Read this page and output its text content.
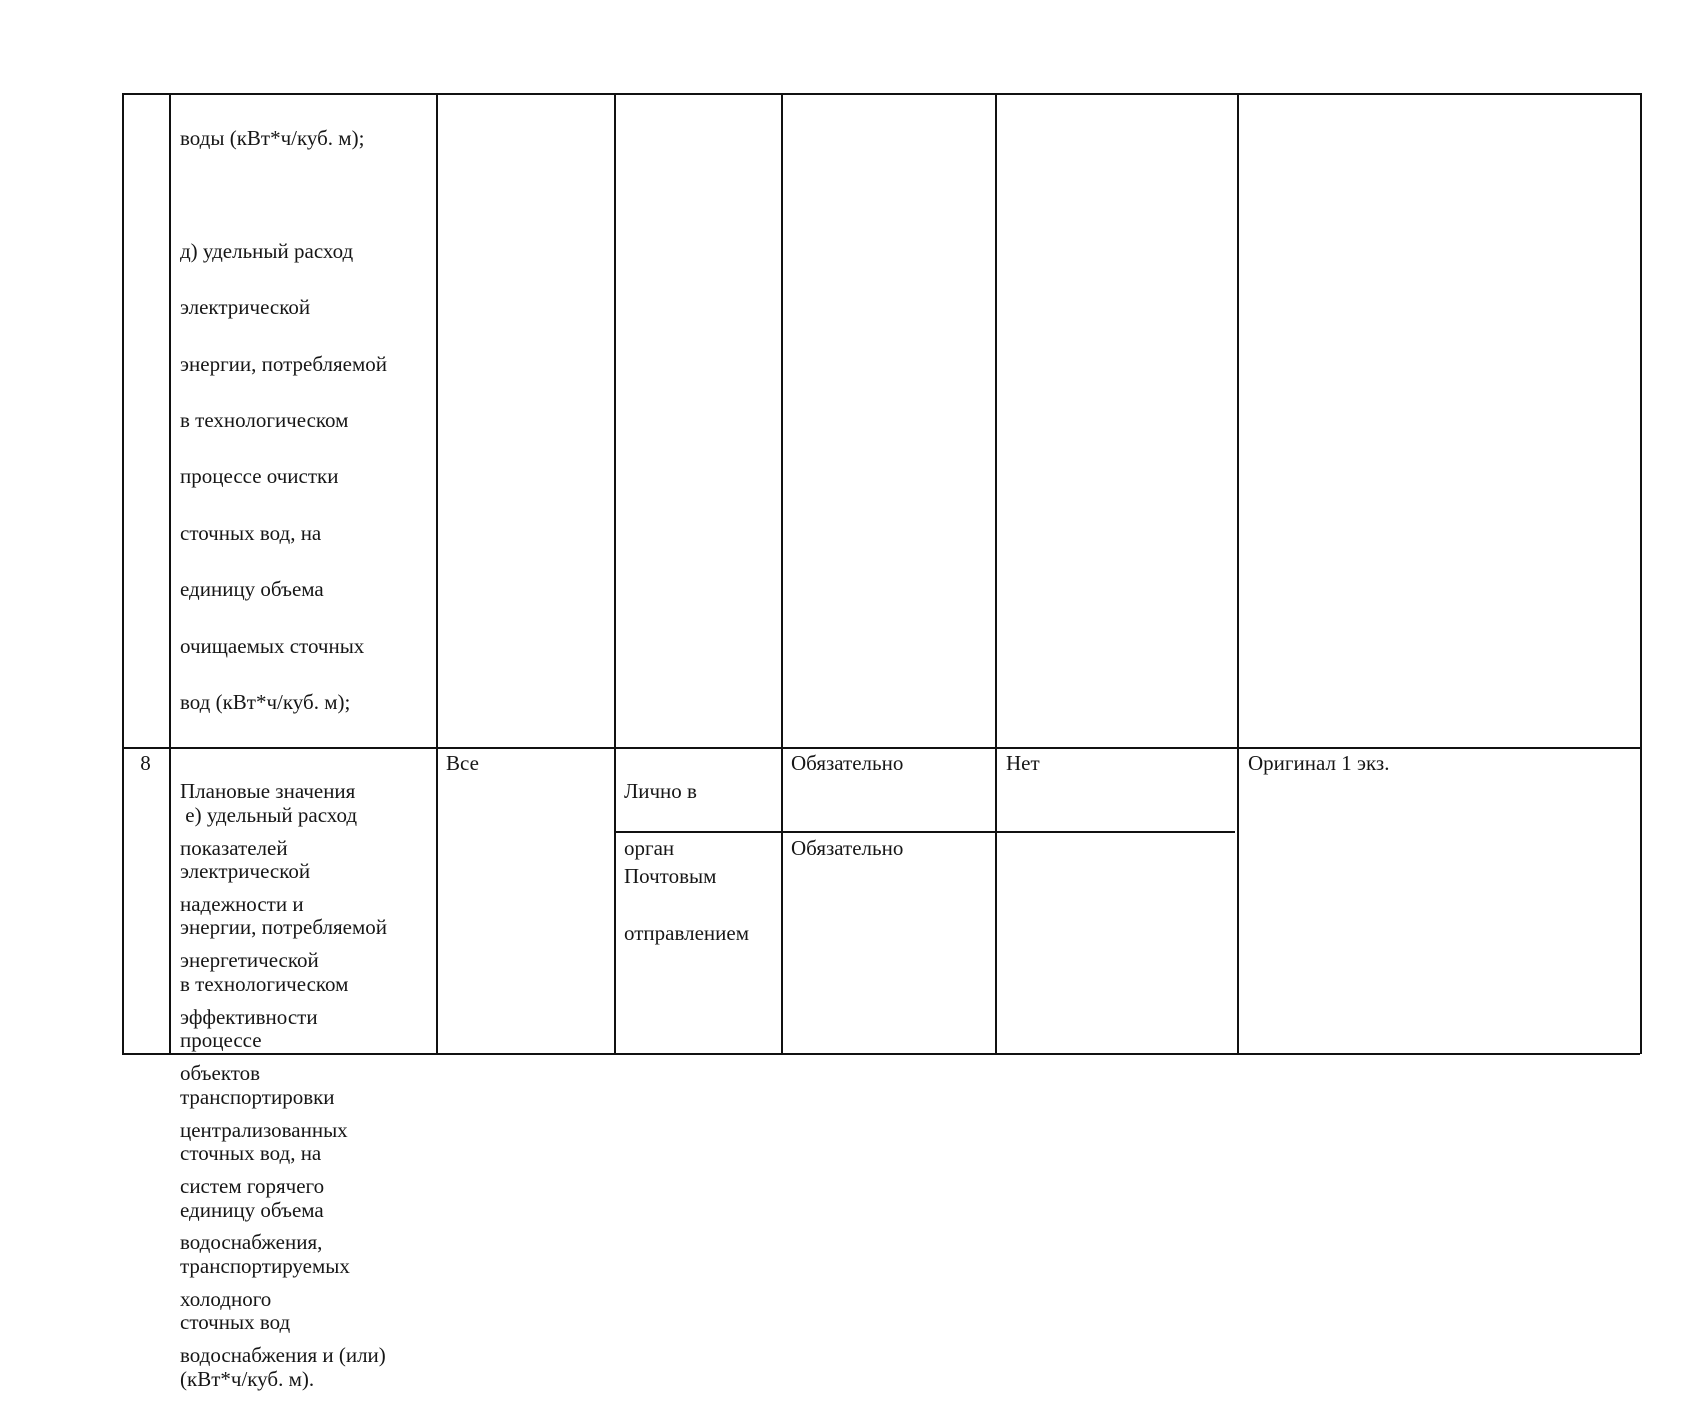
воды (кВт*ч/куб. м);

д) удельный расход

электрической

энергии, потребляемой

в технологическом

процессе очистки

сточных вод, на

единицу объема

очищаемых сточных

вод (кВт*ч/куб. м);

е) удельный расход

электрической

энергии, потребляемой

в технологическом

процессе

транспортировки

сточных вод, на

единицу объема

транспортируемых

сточных вод

(кВт*ч/куб. м).

8

Плановые значения

показателей

надежности и

энергетической

эффективности

объектов

централизованных

систем горячего

водоснабжения,

холодного

водоснабжения и (или)

Все

Лично в

орган

Обязательно	Нет

Почтовым

отправлением

Обязательно
Оригинал 1 экз.
